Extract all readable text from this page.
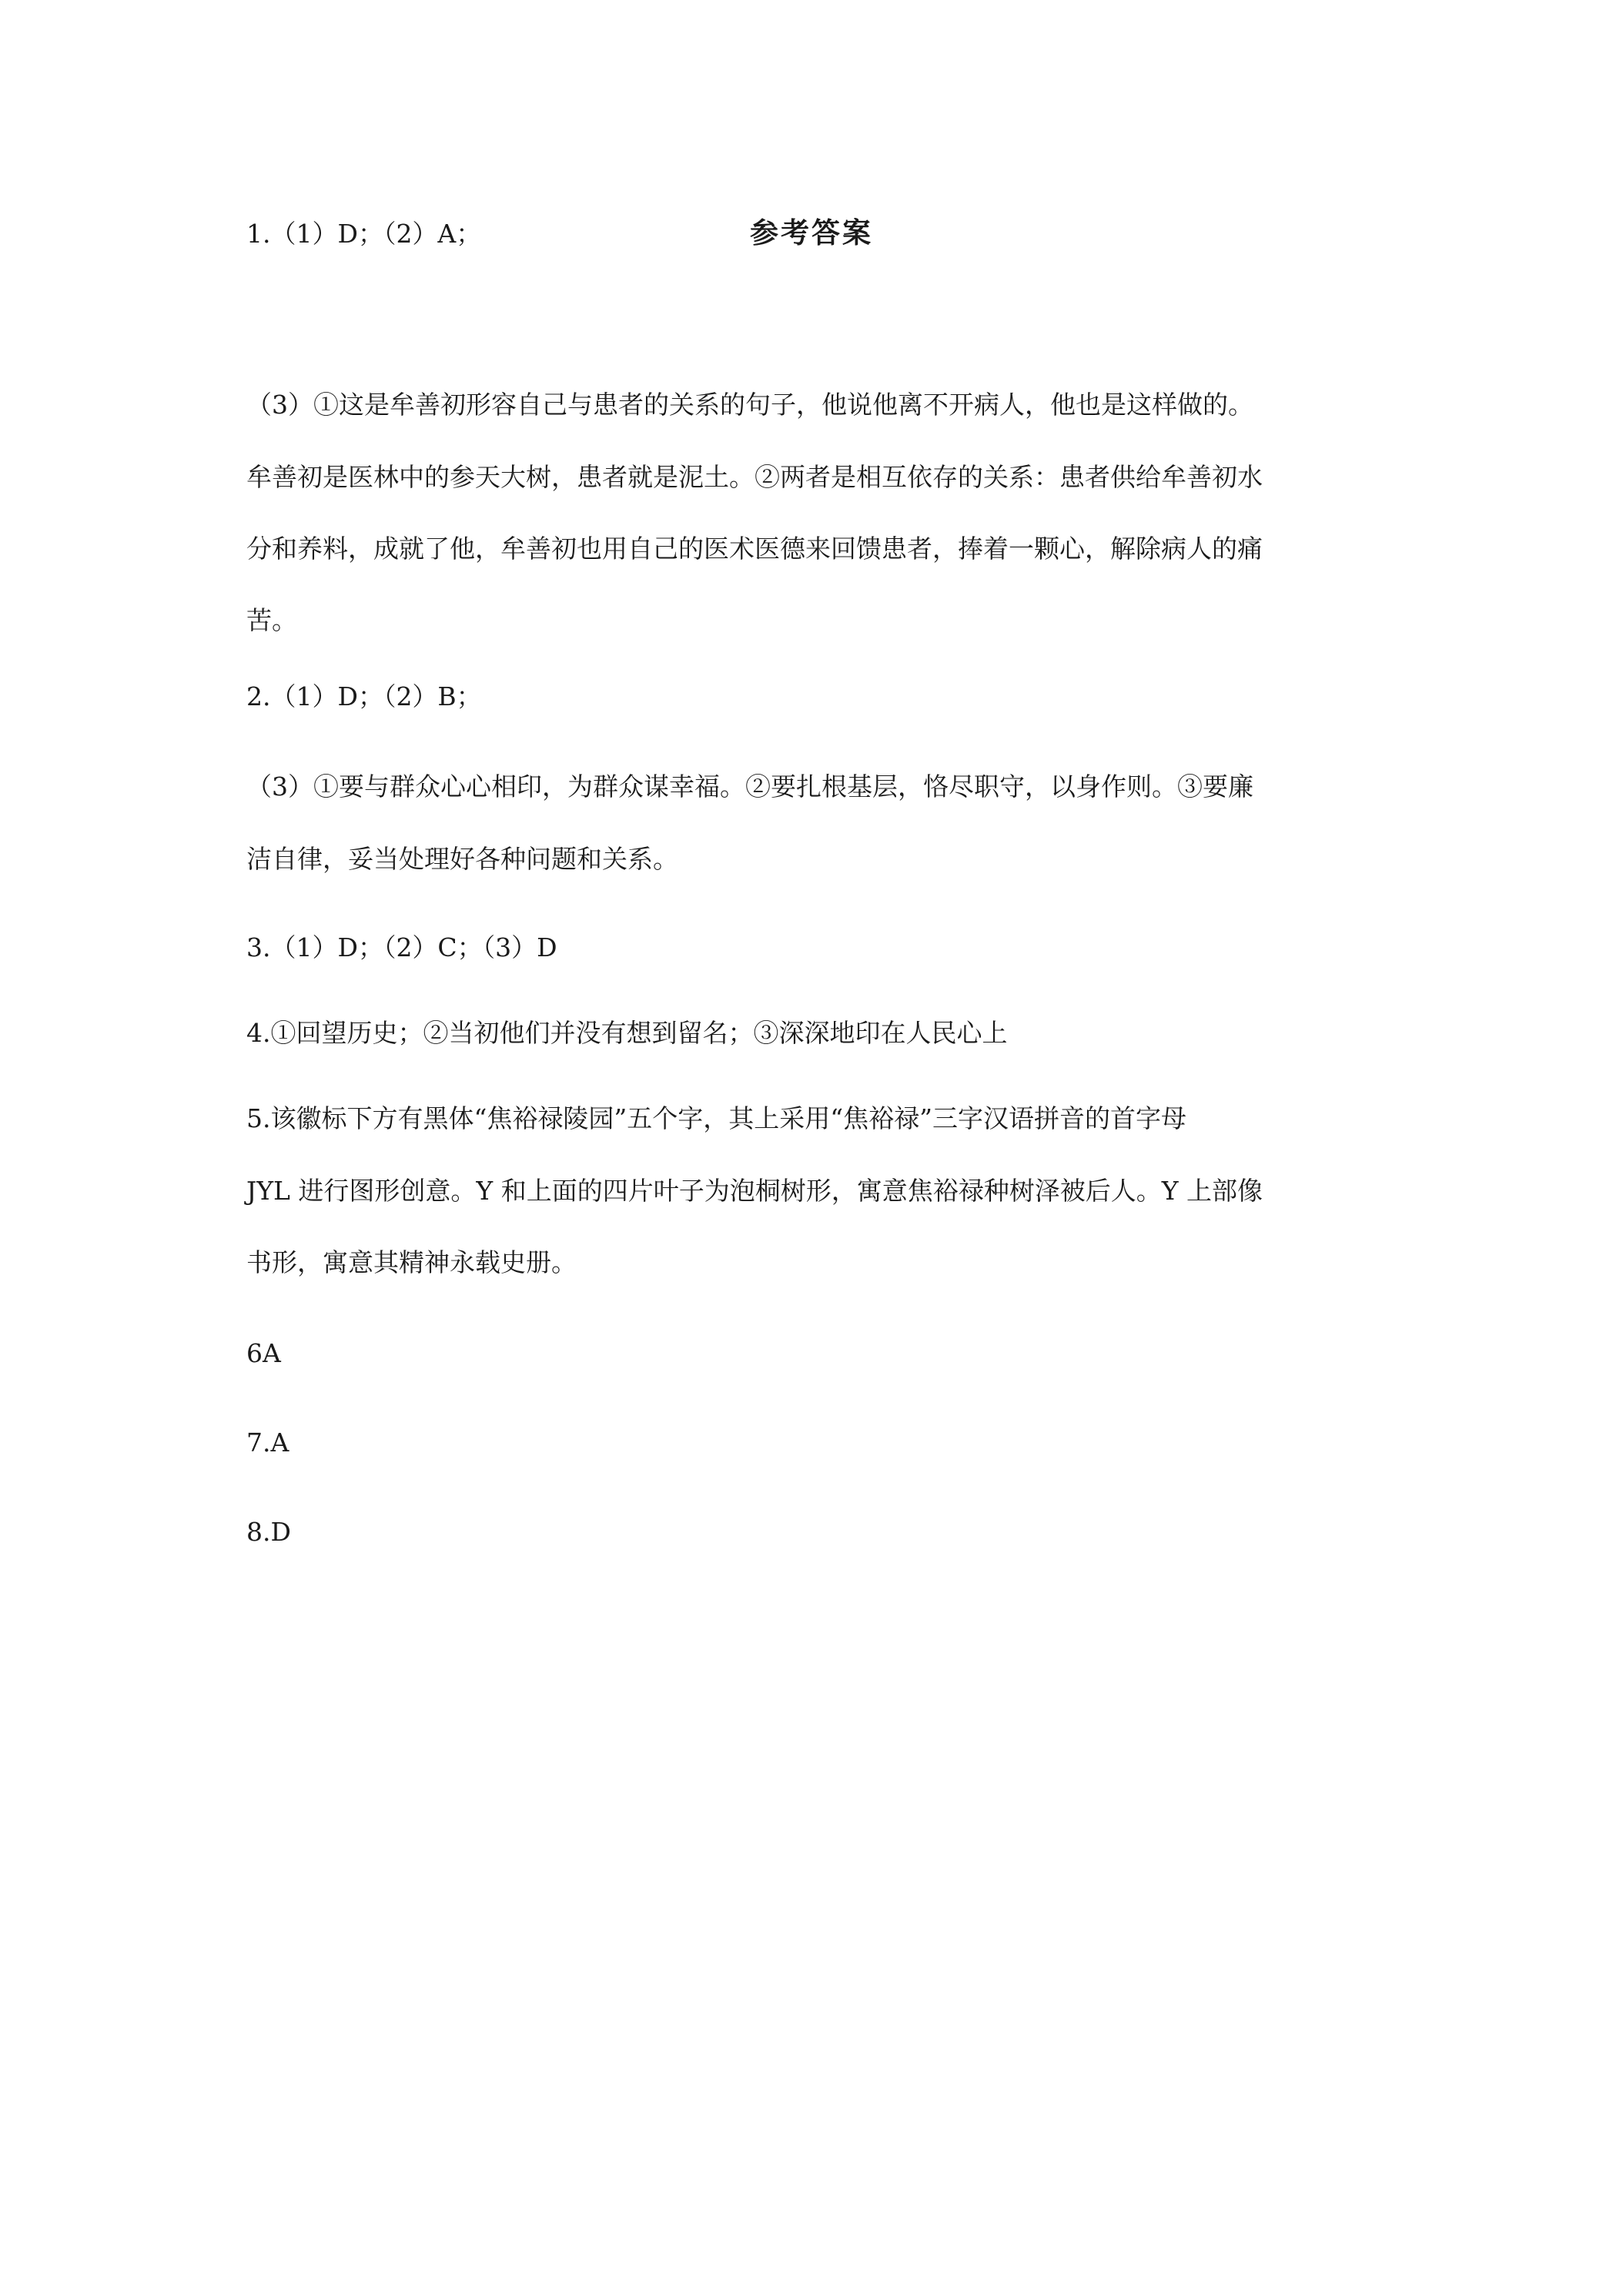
参考答案
1.（1）D；（2）A；
（3）①这是牟善初形容自己与患者的关系的句子，他说他离不开病人，他也是这样做的。
牟善初是医林中的参天大树，患者就是泥土。②两者是相互依存的关系：患者供给牟善初水
分和养料，成就了他，牟善初也用自己的医术医德来回馈患者，捧着一颗心，解除病人的痛
苦。
2.（1）D；（2）B；
（3）①要与群众心心相印，为群众谋幸福。②要扎根基层，恪尽职守，以身作则。③要廉
洁自律，妥当处理好各种问题和关系。
3.（1）D；（2）C；（3）D
4.①回望历史；②当初他们并没有想到留名；③深深地印在人民心上
5.该徽标下方有黑体“焦裕禄陵园”五个字，其上采用“焦裕禄”三字汉语拼音的首字母
JYL 进行图形创意。Y 和上面的四片叶子为泡桐树形，寓意焦裕禄种树泽被后人。Y 上部像
书形，寓意其精神永载史册。
6A
7.A
8.D
